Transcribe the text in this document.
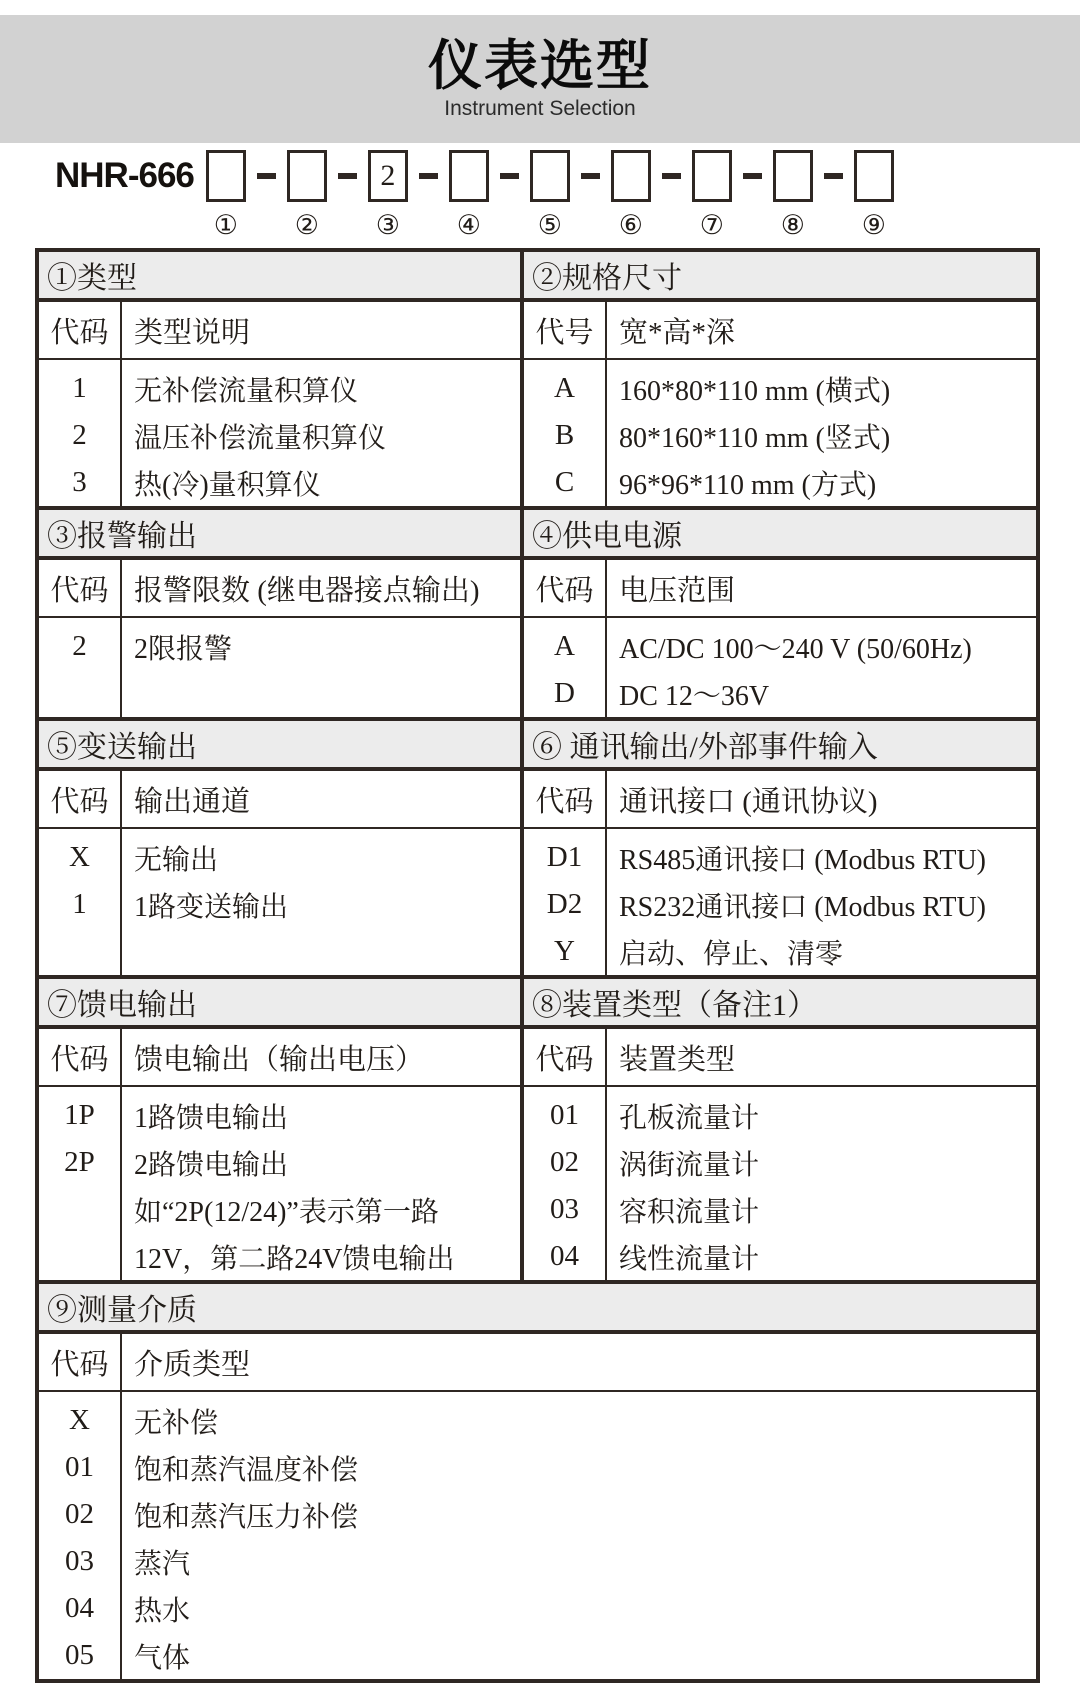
仪表选型
Instrument Selection
NHR-666
① ②
2
③ ④ ⑤ ⑥ ⑦ ⑧ ⑨
①类型
代码 类型说明
1
2
3
无补偿流量积算仪
温压补偿流量积算仪
热(冷)量积算仪
②规格尺寸
代号 宽*高*深
A
B
C
160*80*110 mm (横式)
80*160*110 mm (竖式)
96*96*110 mm (方式)
③报警输出
代码 报警限数 (继电器接点输出)
2	2限报警
④供电电源
代码 电压范围
A
D
AC/DC 100～240 V (50/60Hz)
DC 12～36V
⑤变送输出
代码 输出通道
X
1
无输出
1路变送输出
⑥ 通讯输出/外部事件输入
代码 通讯接口 (通讯协议)
D1
D2
Y
RS485通讯接口 (Modbus RTU)
RS232通讯接口 (Modbus RTU)
启动、停止、清零
⑦馈电输出
代码 馈电输出（输出电压）
1P
2P
1路馈电输出
2路馈电输出
如“2P(12/24)”表示第一路
12V，第二路24V馈电输出
⑧装置类型（备注1）
代码 装置类型
01
02
03
04
孔板流量计
涡街流量计
容积流量计
线性流量计
⑨测量介质
代码 介质类型
X
01
02
03
04
05
无补偿
饱和蒸汽温度补偿
饱和蒸汽压力补偿
蒸汽
热水
气体
